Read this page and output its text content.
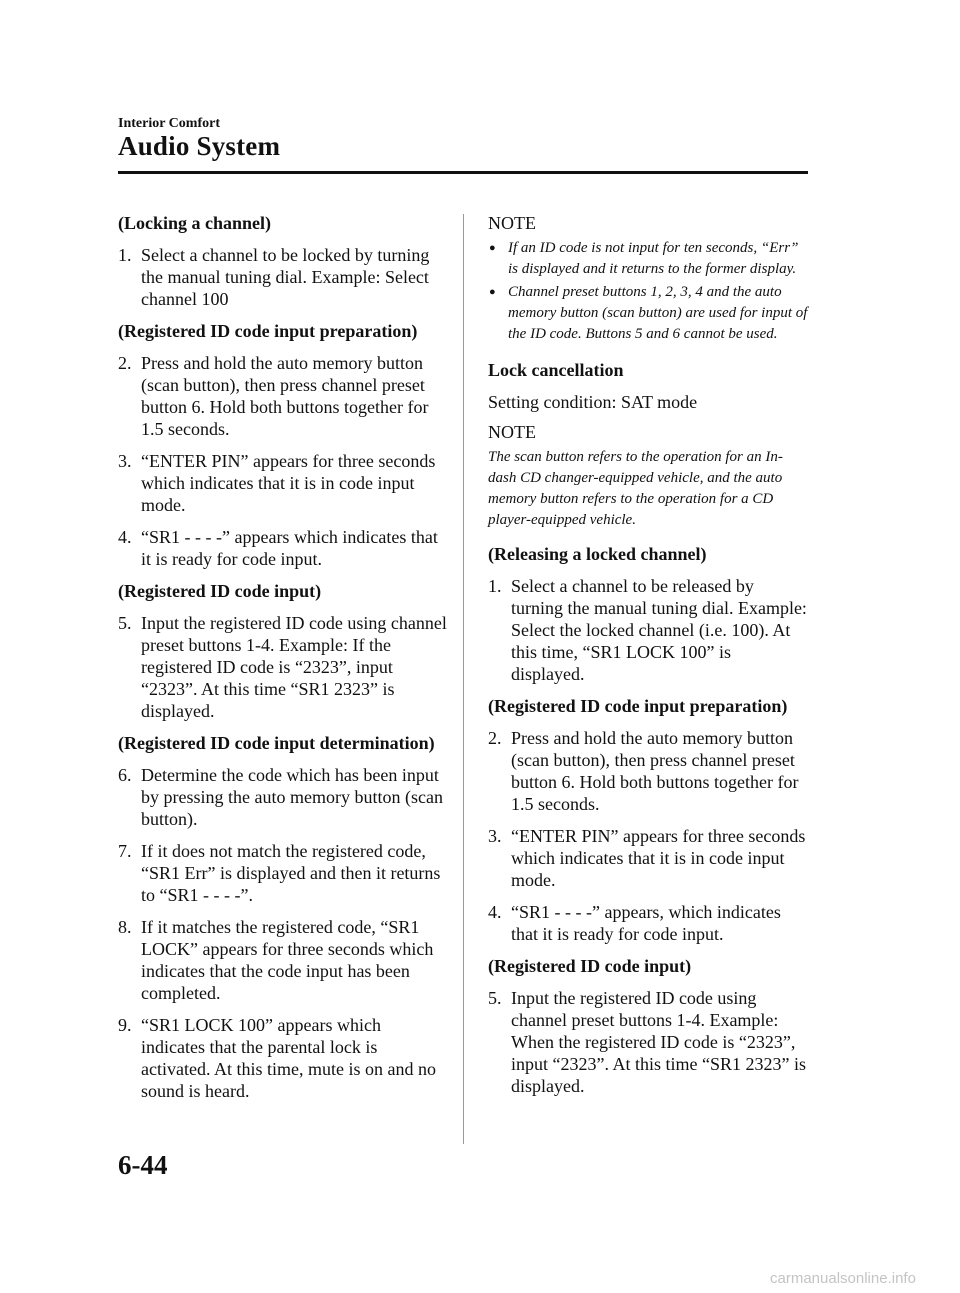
Interior Comfort
Audio System

(Locking a channel)

1. Select a channel to be locked by turning the manual tuning dial. Example: Select channel 100

(Registered ID code input preparation)

2. Press and hold the auto memory button (scan button), then press channel preset button 6. Hold both buttons together for 1.5 seconds.
3. “ENTER PIN” appears for three seconds which indicates that it is in code input mode.
4. “SR1 - - - -” appears which indicates that it is ready for code input.

(Registered ID code input)

5. Input the registered ID code using channel preset buttons 1-4. Example: If the registered ID code is “2323”, input “2323”. At this time “SR1 2323” is displayed.

(Registered ID code input determination)

6. Determine the code which has been input by pressing the auto memory button (scan button).
7. If it does not match the registered code, “SR1 Err” is displayed and then it returns to “SR1 - - - -”.
8. If it matches the registered code, “SR1 LOCK” appears for three seconds which indicates that the code input has been completed.
9. “SR1 LOCK 100” appears which indicates that the parental lock is activated. At this time, mute is on and no sound is heard.

NOTE

● If an ID code is not input for ten seconds, “Err” is displayed and it returns to the former display.
● Channel preset buttons 1, 2, 3, 4 and the auto memory button (scan button) are used for input of the ID code. Buttons 5 and 6 cannot be used.

Lock cancellation

Setting condition: SAT mode

NOTE

The scan button refers to the operation for an In-dash CD changer-equipped vehicle, and the auto memory button refers to the operation for a CD player-equipped vehicle.

(Releasing a locked channel)

1. Select a channel to be released by turning the manual tuning dial. Example: Select the locked channel (i.e. 100). At this time, “SR1 LOCK 100” is displayed.

(Registered ID code input preparation)

2. Press and hold the auto memory button (scan button), then press channel preset button 6. Hold both buttons together for 1.5 seconds.
3. “ENTER PIN” appears for three seconds which indicates that it is in code input mode.
4. “SR1 - - - -” appears, which indicates that it is ready for code input.

(Registered ID code input)

5. Input the registered ID code using channel preset buttons 1-4. Example: When the registered ID code is “2323”, input “2323”. At this time “SR1 2323” is displayed.
6-44
carmanualsonline.info
